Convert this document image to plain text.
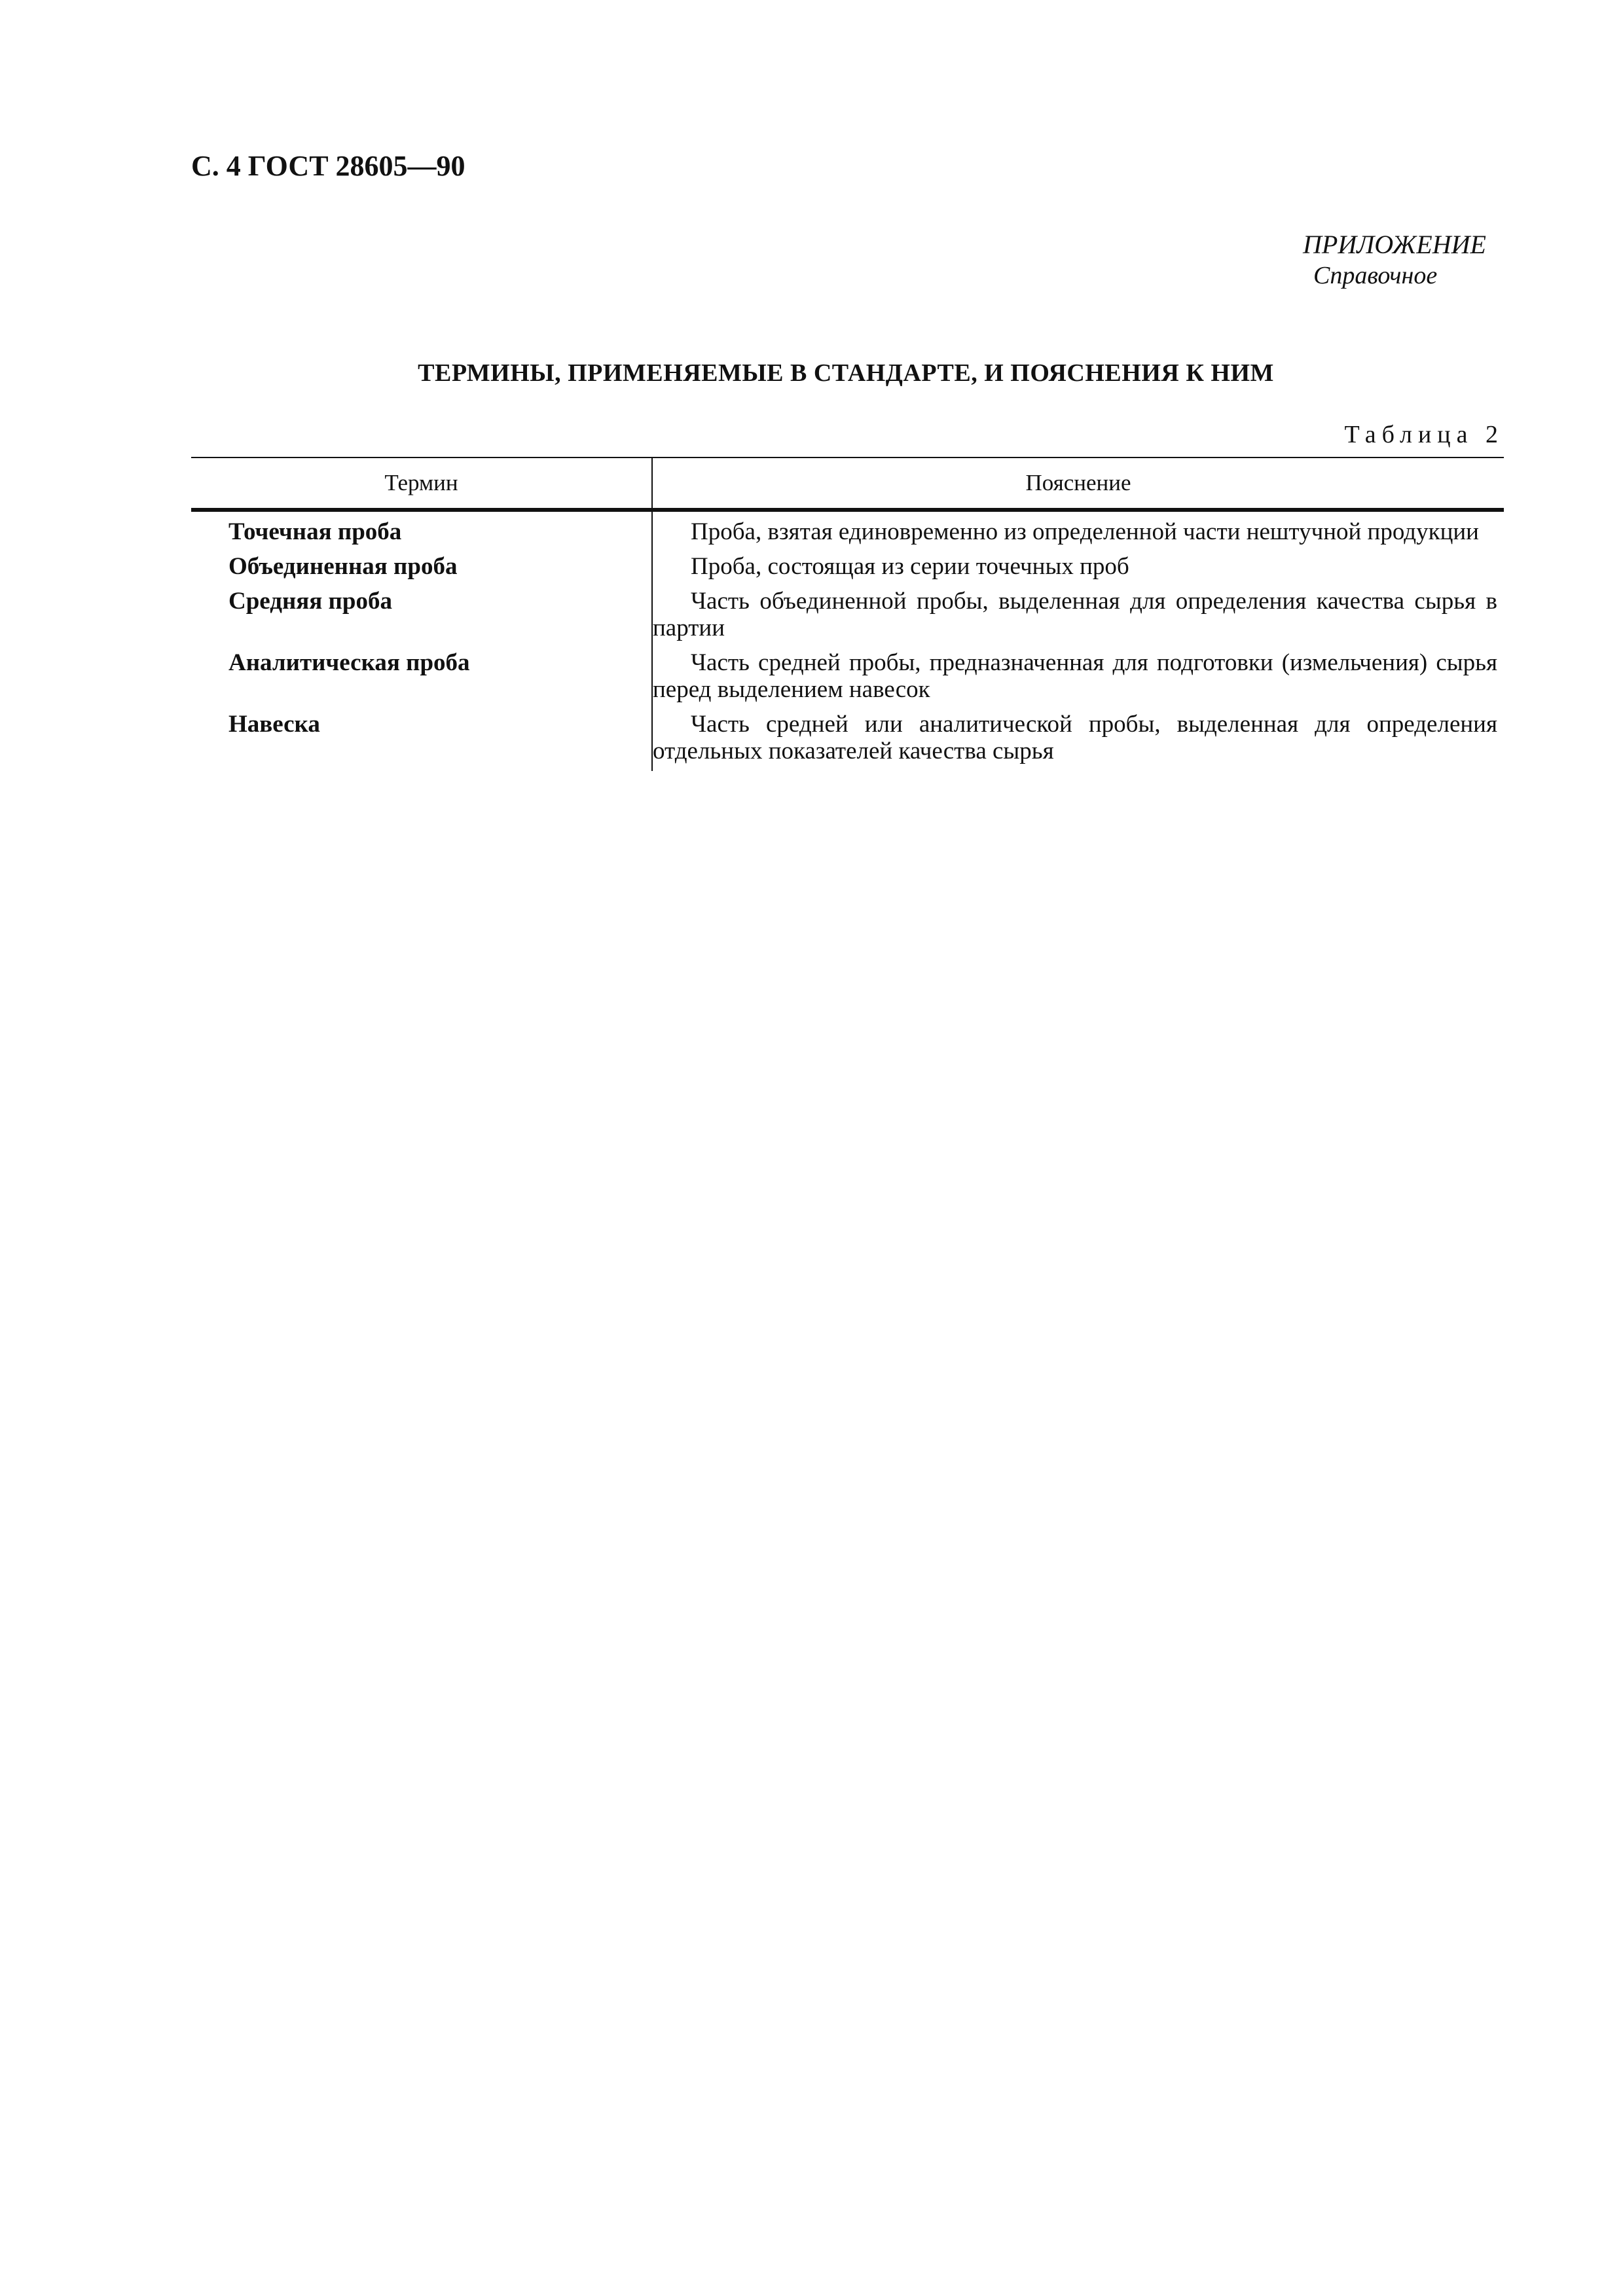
С. 4 ГОСТ 28605—90
ПРИЛОЖЕНИЕ
Справочное
ТЕРМИНЫ, ПРИМЕНЯЕМЫЕ В СТАНДАРТЕ, И ПОЯСНЕНИЯ К НИМ
Таблица 2
Термин	Пояснение
Точечная проба	Проба, взятая единовременно из определенной части нештучной продукции
Объединенная проба	Проба, состоящая из серии точечных проб
Средняя проба	Часть объединенной пробы, выделенная для определения качества сырья в партии
Аналитическая проба	Часть средней пробы, предназначенная для подготовки (измельчения) сырья перед выделением навесок
Навеска	Часть средней или аналитической пробы, выделенная для определения отдельных показателей качества сырья
